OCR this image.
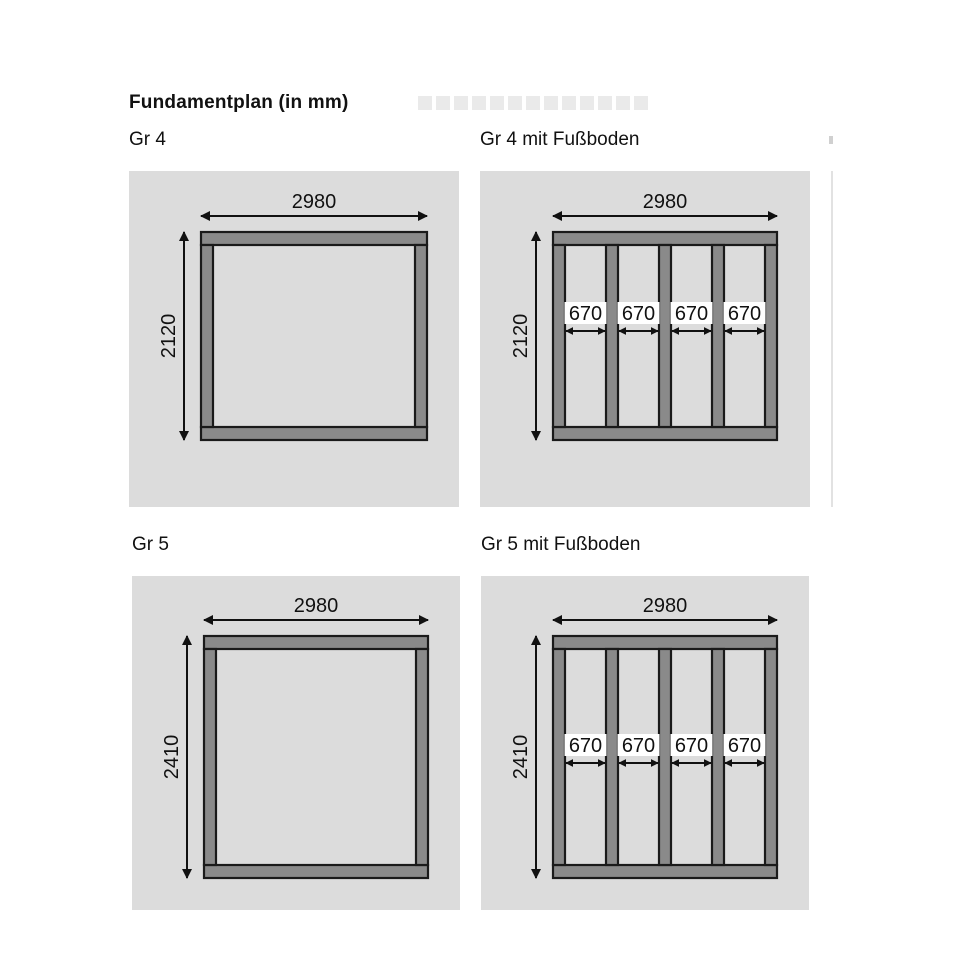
Fundamentplan (in mm)
Gr 4	Gr 4 mit Fußboden
Gr 5	Gr 5 mit Fußboden
2980
2120
2980
2120 670 670 670 670
2980
2410
2980
2410 670 670 670 670
